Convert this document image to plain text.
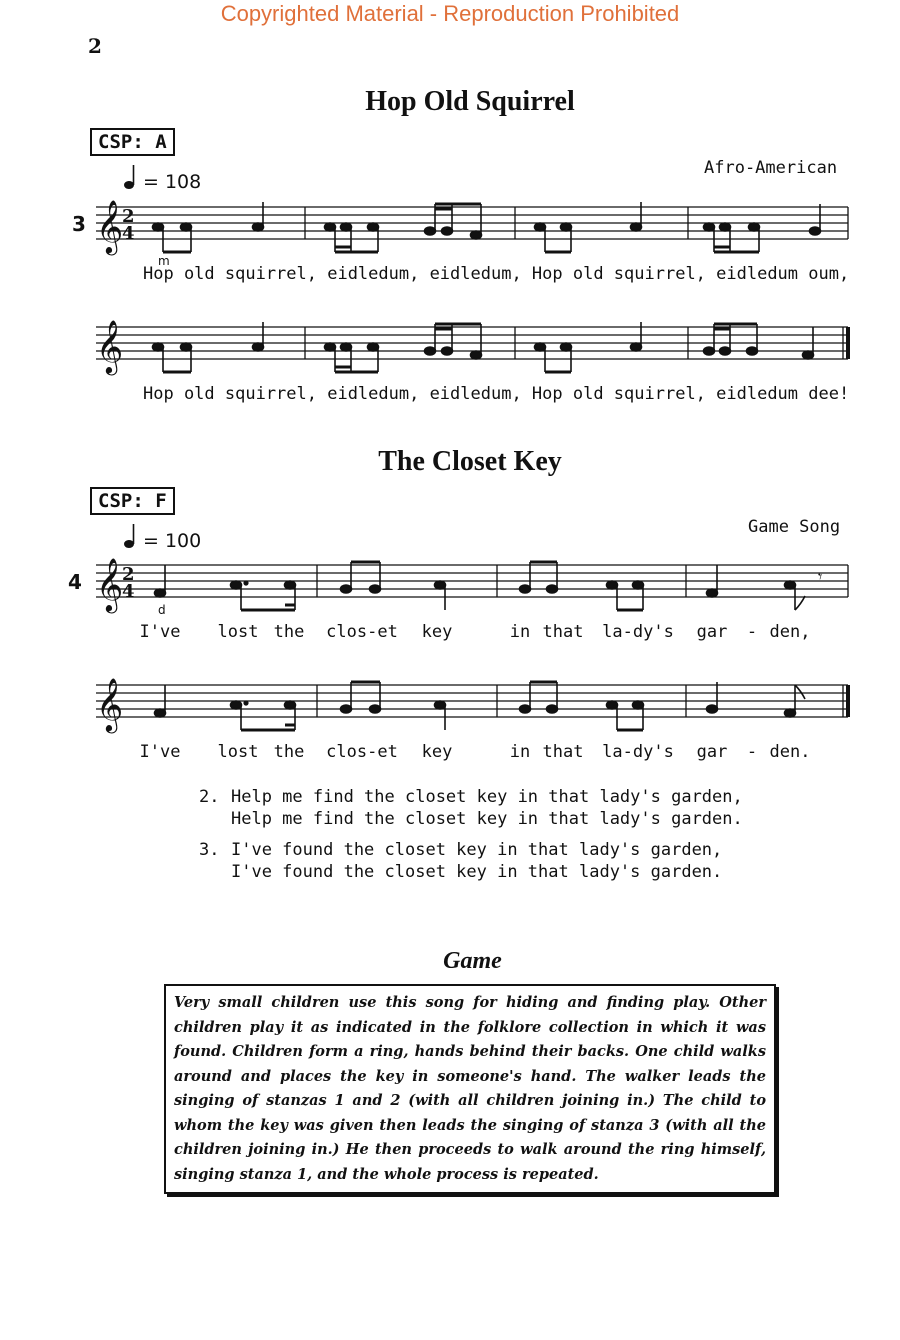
Copyrighted Material - Reproduction Prohibited
2
Hop Old Squirrel
CSP: A
Afro-American
= 108
3 𝄞
2
4
m
Hop old squirrel, eidledum, eidledum, Hop old squirrel, eidledum oum,
𝄞
Hop old squirrel, eidledum, eidledum, Hop old squirrel, eidledum dee!
The Closet Key
CSP: F
Game Song
= 100
4 𝄞
2
4
𝄾
d
I've lost the clos-et key	in that la-dy's gar - den,
𝄞
I've lost the clos-et key	in that la-dy's gar - den.
2. Help me find the closet key in that lady's garden,
Help me find the closet key in that lady's garden.
3. I've found the closet key in that lady's garden,
I've found the closet key in that lady's garden.
Game
Very small children use this song for hiding and finding play. Other children play it as indicated in the folklore collection in which it was found. Children form a ring, hands behind their backs. One child walks around and places the key in someone's hand. The walker leads the singing of stanzas 1 and 2 (with all children joining in.) The child to whom the key was given then leads the singing of stanza 3 (with all the children joining in.) He then proceeds to walk around the ring himself, singing stanza 1, and the whole process is repeated.
